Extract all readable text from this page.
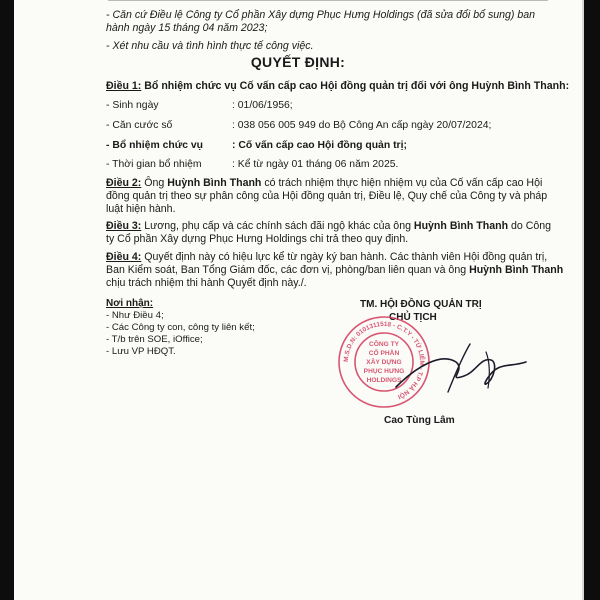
- Căn cứ Điều lệ Công ty Cổ phần Xây dựng Phục Hưng Holdings (đã sửa đổi bổ sung) ban
hành ngày 15 tháng 04 năm 2023;
- Xét nhu cầu và tình hình thực tế công việc.
QUYẾT ĐỊNH:
Điều 1: Bổ nhiệm chức vụ Cố vấn cấp cao Hội đồng quản trị đối với ông Huỳnh Bình Thanh:
- Sinh ngày	: 01/06/1956;
- Căn cước số	: 038 056 005 949 do Bộ Công An cấp ngày 20/07/2024;
- Bổ nhiệm chức vụ	: Cố vấn cấp cao Hội đồng quản trị;
- Thời gian bổ nhiệm	: Kể từ ngày 01 tháng 06 năm 2025.
Điều 2: Ông Huỳnh Bình Thanh có trách nhiệm thực hiện nhiệm vụ của Cố vấn cấp cao Hội
đồng quản trị theo sự phân công của Hội đồng quản trị, Điều lệ, Quy chế của Công ty và pháp
luật hiện hành.
Điều 3: Lương, phụ cấp và các chính sách đãi ngộ khác của ông Huỳnh Bình Thanh do Công
ty Cổ phần Xây dựng Phục Hưng Holdings chi trả theo quy định.
Điều 4: Quyết định này có hiệu lực kể từ ngày ký ban hành. Các thành viên Hội đồng quản trị,
Ban Kiểm soát, Ban Tổng Giám đốc, các đơn vị, phòng/ban liên quan và ông Huỳnh Bình Thanh
chịu trách nhiệm thi hành Quyết định này./.
Nơi nhận:
- Như Điều 4;
- Các Công ty con, công ty liên kết;
- T/b trên SOE, iOffice;
- Lưu VP HĐQT.
TM. HỘI ĐỒNG QUẢN TRỊ
CHỦ TỊCH
M.S.D.N: 0101311518 - C.T.Y - TỪ LIÊM - T.P HÀ NỘI
CÔNG TY
CỔ PHẦN
XÂY DỰNG
PHỤC HƯNG
HOLDINGS
Cao Tùng Lâm
